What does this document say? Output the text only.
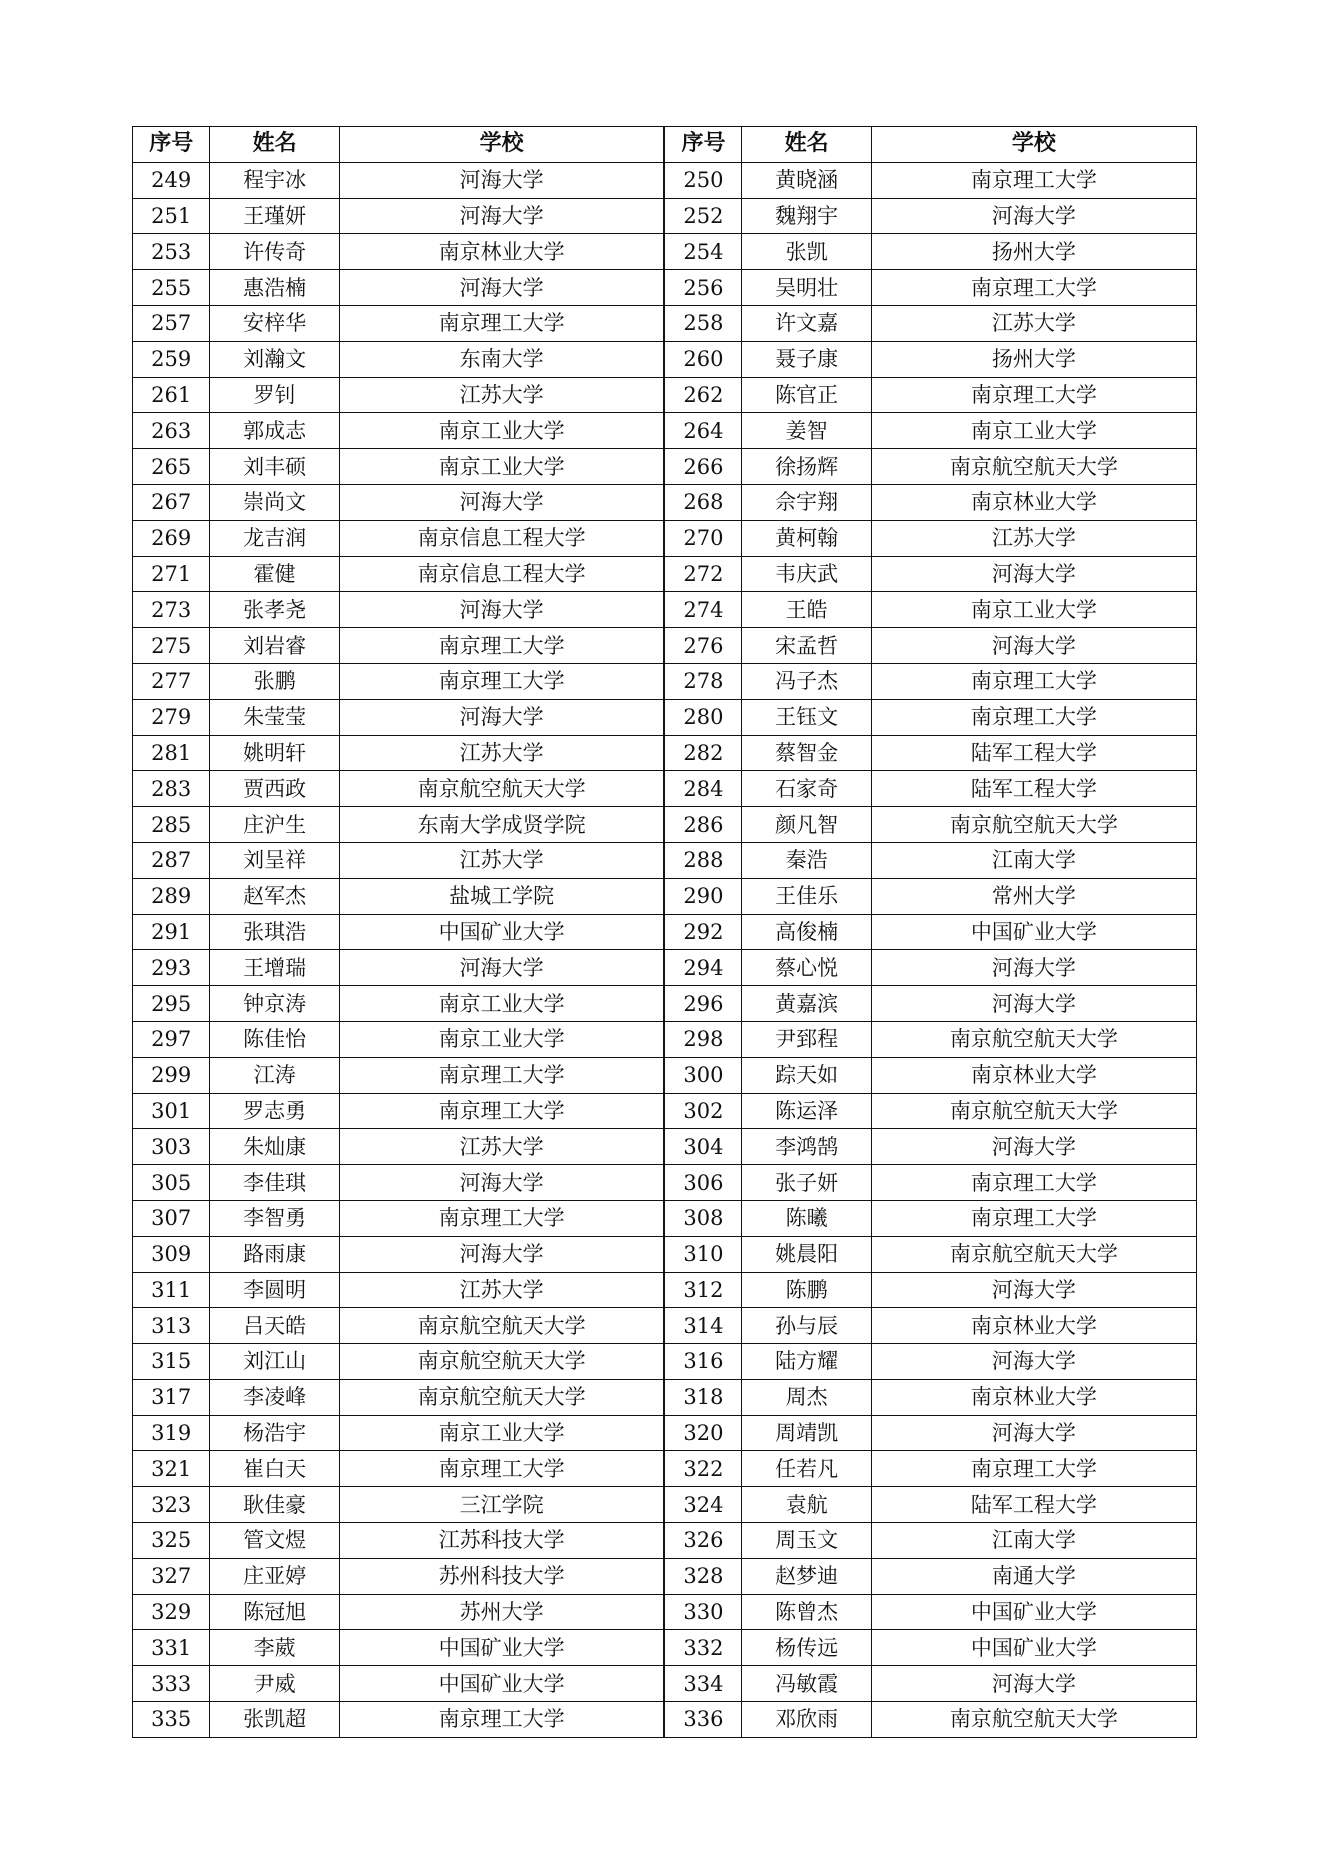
序号	姓名	学校	序号	姓名	学校
249	程宇冰	河海大学	250	黄晓涵	南京理工大学
251	王瑾妍	河海大学	252	魏翔宇	河海大学
253	许传奇	南京林业大学	254	张凯	扬州大学
255	惠浩楠	河海大学	256	吴明壮	南京理工大学
257	安梓华	南京理工大学	258	许文嘉	江苏大学
259	刘瀚文	东南大学	260	聂子康	扬州大学
261	罗钊	江苏大学	262	陈官正	南京理工大学
263	郭成志	南京工业大学	264	姜智	南京工业大学
265	刘丰硕	南京工业大学	266	徐扬辉	南京航空航天大学
267	崇尚文	河海大学	268	佘宇翔	南京林业大学
269	龙吉润	南京信息工程大学	270	黄柯翰	江苏大学
271	霍健	南京信息工程大学	272	韦庆武	河海大学
273	张孝尧	河海大学	274	王皓	南京工业大学
275	刘岩睿	南京理工大学	276	宋孟哲	河海大学
277	张鹏	南京理工大学	278	冯子杰	南京理工大学
279	朱莹莹	河海大学	280	王钰文	南京理工大学
281	姚明轩	江苏大学	282	蔡智金	陆军工程大学
283	贾西政	南京航空航天大学	284	石家奇	陆军工程大学
285	庄沪生	东南大学成贤学院	286	颜凡智	南京航空航天大学
287	刘呈祥	江苏大学	288	秦浩	江南大学
289	赵军杰	盐城工学院	290	王佳乐	常州大学
291	张琪浩	中国矿业大学	292	高俊楠	中国矿业大学
293	王增瑞	河海大学	294	蔡心悦	河海大学
295	钟京涛	南京工业大学	296	黄嘉滨	河海大学
297	陈佳怡	南京工业大学	298	尹郅程	南京航空航天大学
299	江涛	南京理工大学	300	踪天如	南京林业大学
301	罗志勇	南京理工大学	302	陈运泽	南京航空航天大学
303	朱灿康	江苏大学	304	李鸿鹄	河海大学
305	李佳琪	河海大学	306	张子妍	南京理工大学
307	李智勇	南京理工大学	308	陈曦	南京理工大学
309	路雨康	河海大学	310	姚晨阳	南京航空航天大学
311	李圆明	江苏大学	312	陈鹏	河海大学
313	吕天皓	南京航空航天大学	314	孙与辰	南京林业大学
315	刘江山	南京航空航天大学	316	陆方耀	河海大学
317	李凌峰	南京航空航天大学	318	周杰	南京林业大学
319	杨浩宇	南京工业大学	320	周靖凯	河海大学
321	崔白天	南京理工大学	322	任若凡	南京理工大学
323	耿佳豪	三江学院	324	袁航	陆军工程大学
325	管文煜	江苏科技大学	326	周玉文	江南大学
327	庄亚婷	苏州科技大学	328	赵梦迪	南通大学
329	陈冠旭	苏州大学	330	陈曾杰	中国矿业大学
331	李葳	中国矿业大学	332	杨传远	中国矿业大学
333	尹威	中国矿业大学	334	冯敏霞	河海大学
335	张凯超	南京理工大学	336	邓欣雨	南京航空航天大学
